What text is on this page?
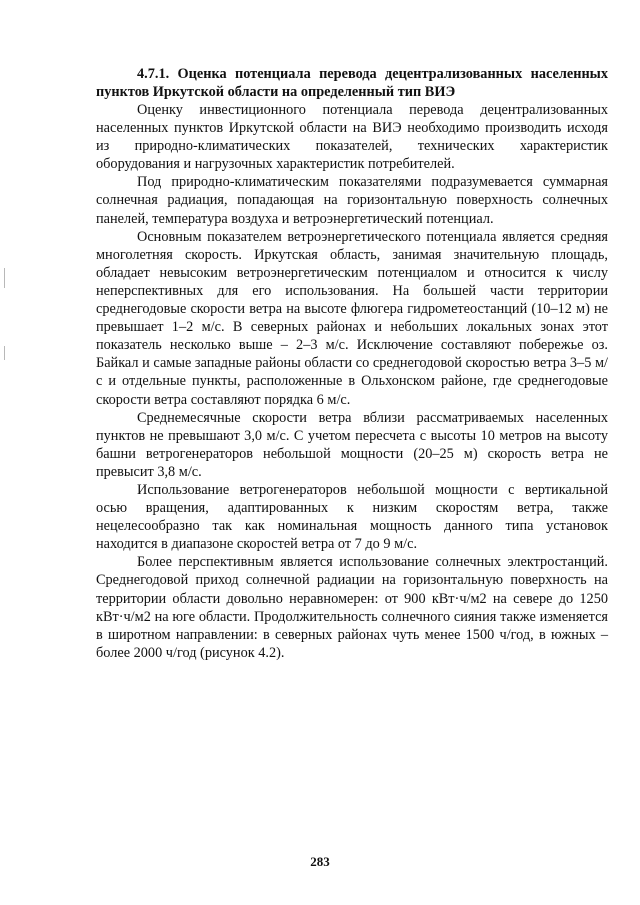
4.7.1. Оценка потенциала перевода децентрализованных населенных пунктов Иркутской области на определенный тип ВИЭ

Оценку инвестиционного потенциала перевода децентрализованных населенных пунктов Иркутской области на ВИЭ необходимо производить исходя из природно-климатических показателей, технических характеристик оборудования и нагрузочных характеристик потребителей.

Под природно-климатическим показателями подразумевается суммарная солнечная радиация, попадающая на горизонтальную поверхность солнечных панелей, температура воздуха и ветроэнергетический потенциал.

Основным показателем ветроэнергетического потенциала является средняя многолетняя скорость. Иркутская область, занимая значительную площадь, обладает невысоким ветроэнергетическим потенциалом и относится к числу неперспективных для его использования. На большей части территории среднегодовые скорости ветра на высоте флюгера гидрометеостанций (10–12 м) не превышает 1–2 м/с. В северных районах и небольших локальных зонах этот показатель несколько выше – 2–3 м/с. Исключение составляют побережье оз. Байкал и самые западные районы области со среднегодовой скоростью ветра 3–5 м/с и отдельные пункты, расположенные в Ольхонском районе, где среднегодовые скорости ветра составляют порядка 6 м/с.

Среднемесячные скорости ветра вблизи рассматриваемых населенных пунктов не превышают 3,0 м/с. С учетом пересчета с высоты 10 метров на высоту башни ветрогенераторов небольшой мощности (20–25 м) скорость ветра не превысит 3,8 м/с.

Использование ветрогенераторов небольшой мощности с вертикальной осью вращения, адаптированных к низким скоростям ветра, также нецелесообразно так как номинальная мощность данного типа установок находится в диапазоне скоростей ветра от 7 до 9 м/с.

Более перспективным является использование солнечных электростанций. Среднегодовой приход солнечной радиации на горизонтальную поверхность на территории области довольно неравномерен: от 900 кВт·ч/м2 на севере до 1250 кВт·ч/м2 на юге области. Продолжительность солнечного сияния также изменяется в широтном направлении: в северных районах чуть менее 1500 ч/год, в южных – более 2000 ч/год (рисунок 4.2).

283
